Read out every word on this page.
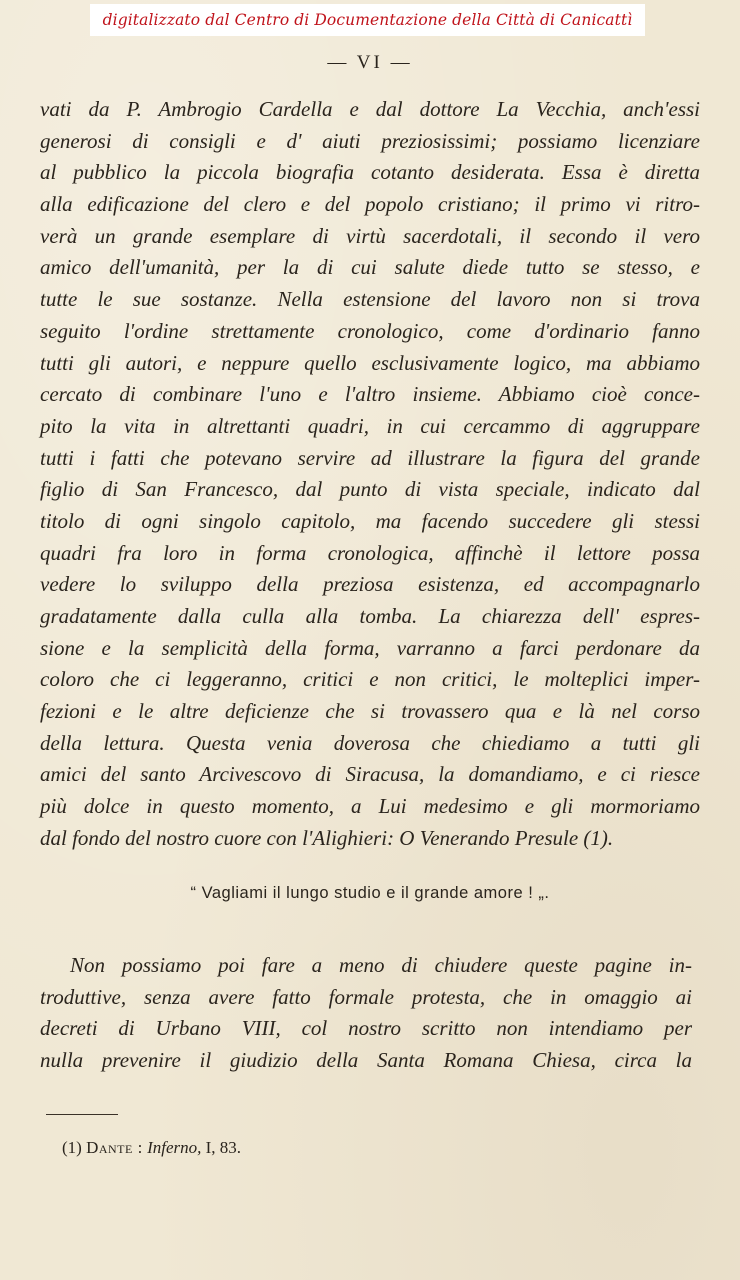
digitalizzato dal Centro di Documentazione della Città di Canicattì
— VI —
vati da P. Ambrogio Cardella e dal dottore La Vecchia, anch'essi
generosi di consigli e d' aiuti preziosissimi; possiamo licenziare
al pubblico la piccola biografia cotanto desiderata. Essa è diretta
alla edificazione del clero e del popolo cristiano; il primo vi ritro-
verà un grande esemplare di virtù sacerdotali, il secondo il vero
amico dell'umanità, per la di cui salute diede tutto se stesso, e
tutte le sue sostanze. Nella estensione del lavoro non si trova
seguito l'ordine strettamente cronologico, come d'ordinario fanno
tutti gli autori, e neppure quello esclusivamente logico, ma abbiamo
cercato di combinare l'uno e l'altro insieme. Abbiamo cioè conce-
pito la vita in altrettanti quadri, in cui cercammo di aggruppare
tutti i fatti che potevano servire ad illustrare la figura del grande
figlio di San Francesco, dal punto di vista speciale, indicato dal
titolo di ogni singolo capitolo, ma facendo succedere gli stessi
quadri fra loro in forma cronologica, affinchè il lettore possa
vedere lo sviluppo della preziosa esistenza, ed accompagnarlo
gradatamente dalla culla alla tomba. La chiarezza dell' espres-
sione e la semplicità della forma, varranno a farci perdonare da
coloro che ci leggeranno, critici e non critici, le molteplici imper-
fezioni e le altre deficienze che si trovassero qua e là nel corso
della lettura. Questa venia doverosa che chiediamo a tutti gli
amici del santo Arcivescovo di Siracusa, la domandiamo, e ci riesce
più dolce in questo momento, a Lui medesimo e gli mormoriamo
dal fondo del nostro cuore con l'Alighieri: O Venerando Presule (1).
“ Vagliami il lungo studio e il grande amore ! „.
Non possiamo poi fare a meno di chiudere queste pagine in-
troduttive, senza avere fatto formale protesta, che in omaggio ai
decreti di Urbano VIII, col nostro scritto non intendiamo per
nulla prevenire il giudizio della Santa Romana Chiesa, circa la
(1) Dante : Inferno, I, 83.
